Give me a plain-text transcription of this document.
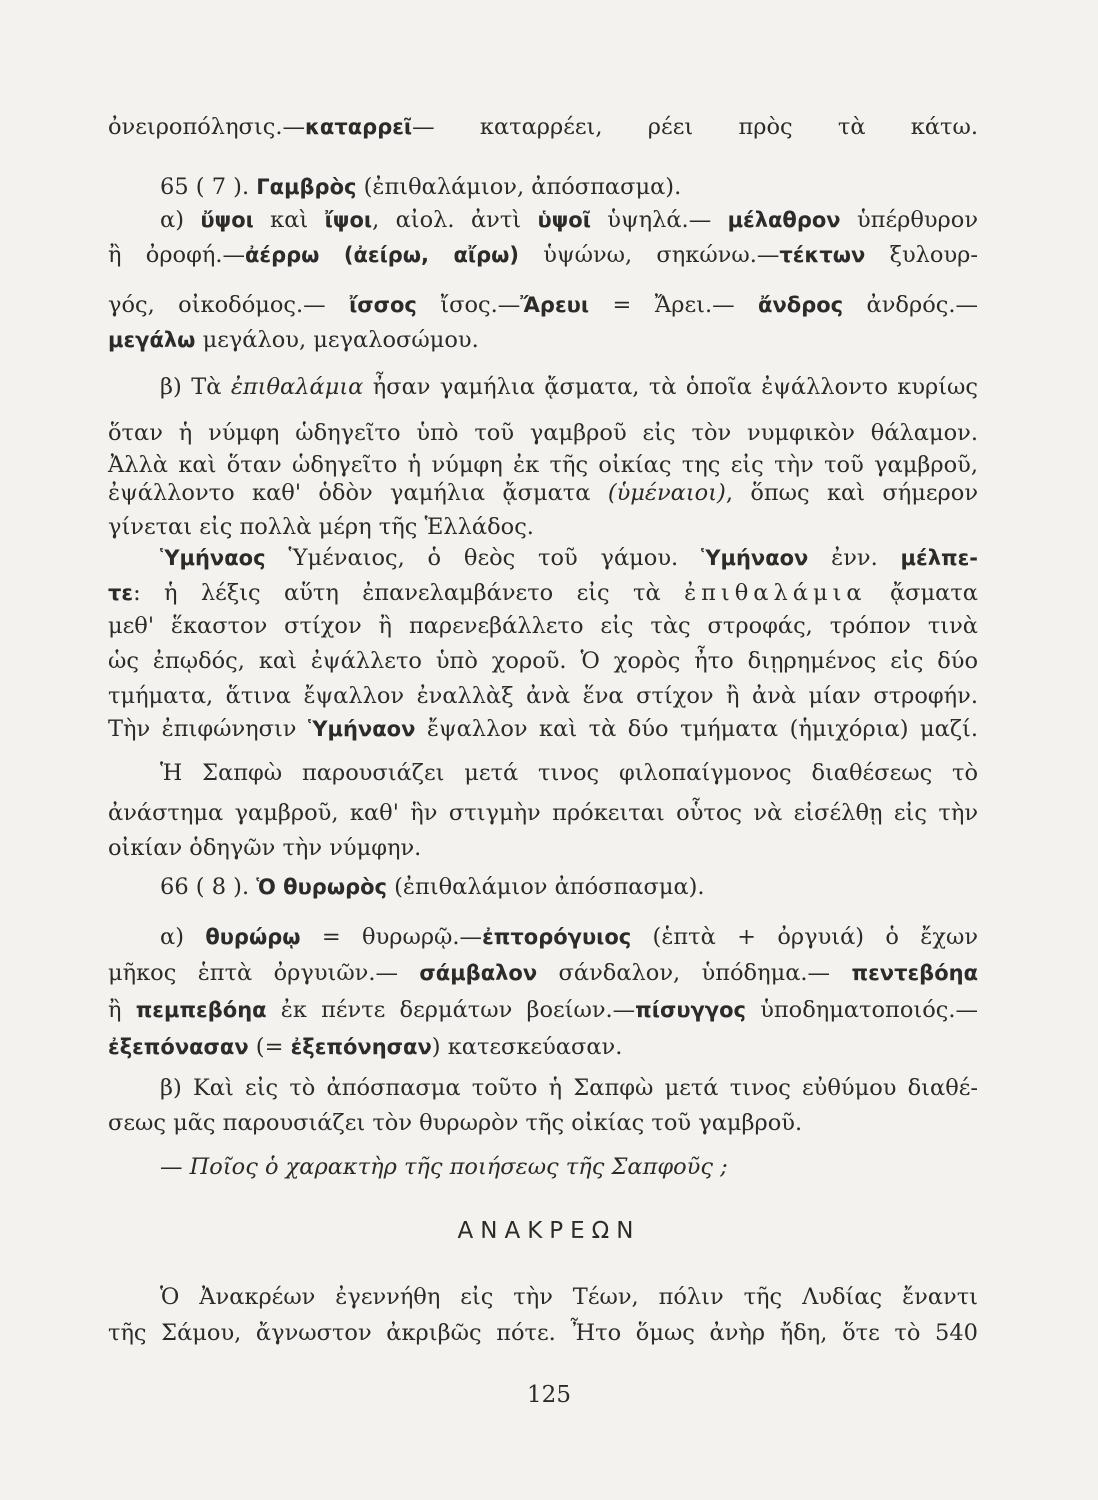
ὀνειροπόλησις.—καταρρεῖ— καταρρέει, ρέει πρὸς τὰ κάτω.
65 ( 7 ). Γαμβρὸς (ἐπιθαλάμιον, ἀπόσπασμα).
α) ὔψοι καὶ ἴψοι, αἰολ. ἀντὶ ὑψοῖ ὑψηλά.— μέλαθρον ὑπέρθυρον
ἢ ὀροφή.—ἀέρρω (ἀείρω, αἴρω) ὑψώνω, σηκώνω.—τέκτων ξυλουρ-
γός, οἰκοδόμος.— ἴσσος ἴσος.—Ἄρευι = Ἄρει.— ἄνδρος ἀνδρός.—
μεγάλω μεγάλου, μεγαλοσώμου.
β) Τὰ ἐπιθαλάμια ἦσαν γαμήλια ᾄσματα, τὰ ὁποῖα ἐψάλλοντο κυρίως
ὅταν ἡ νύμφη ὡδηγεῖτο ὑπὸ τοῦ γαμβροῦ εἰς τὸν νυμφικὸν θάλαμον.
Ἀλλὰ καὶ ὅταν ὡδηγεῖτο ἡ νύμφη ἐκ τῆς οἰκίας της εἰς τὴν τοῦ γαμβροῦ,
ἐψάλλοντο καθ' ὁδὸν γαμήλια ᾄσματα (ὑμέναιοι), ὅπως καὶ σήμερον
γίνεται εἰς πολλὰ μέρη τῆς Ἑλλάδος.
Ὑμήναος Ὑμέναιος, ὁ θεὸς τοῦ γάμου. Ὑμήναον ἐνν. μέλπε-
τε: ἡ λέξις αὕτη ἐπανελαμβάνετο εἰς τὰ ἐπιθαλάμια ᾄσματα
μεθ' ἕκαστον στίχον ἢ παρενεβάλλετο εἰς τὰς στροφάς, τρόπον τινὰ
ὡς ἐπῳδός, καὶ ἐψάλλετο ὑπὸ χοροῦ. Ὁ χορὸς ἦτο διῃρημένος εἰς δύο
τμήματα, ἅτινα ἔψαλλον ἐναλλὰξ ἀνὰ ἕνα στίχον ἢ ἀνὰ μίαν στροφήν.
Τὴν ἐπιφώνησιν Ὑμήναον ἔψαλλον καὶ τὰ δύο τμήματα (ἡμιχόρια) μαζί.
Ἡ Σαπφὼ παρουσιάζει μετά τινος φιλοπαίγμονος διαθέσεως τὸ
ἀνάστημα γαμβροῦ, καθ' ἣν στιγμὴν πρόκειται οὗτος νὰ εἰσέλθῃ εἰς τὴν
οἰκίαν ὁδηγῶν τὴν νύμφην.
66 ( 8 ). Ὁ θυρωρὸς (ἐπιθαλάμιον ἀπόσπασμα).
α) θυρώρῳ = θυρωρῷ.—ἐπτορόγυιος (ἑπτὰ + ὀργυιά) ὁ ἔχων
μῆκος ἑπτὰ ὀργυιῶν.— σάμβαλον σάνδαλον, ὑπόδημα.— πεντεβόηα
ἢ πεμπεβόηα ἐκ πέντε δερμάτων βοείων.—πίσυγγος ὑποδηματοποιός.—
ἐξεπόνασαν (= ἐξεπόνησαν) κατεσκεύασαν.
β) Καὶ εἰς τὸ ἀπόσπασμα τοῦτο ἡ Σαπφὼ μετά τινος εὐθύμου διαθέ-
σεως μᾶς παρουσιάζει τὸν θυρωρὸν τῆς οἰκίας τοῦ γαμβροῦ.
— Ποῖος ὁ χαρακτὴρ τῆς ποιήσεως τῆς Σαπφοῦς ;
ΑΝΑΚΡΕΩΝ
Ὁ Ἀνακρέων ἐγεννήθη εἰς τὴν Τέων, πόλιν τῆς Λυδίας ἔναντι
τῆς Σάμου, ἄγνωστον ἀκριβῶς πότε. Ἦτο ὅμως ἀνὴρ ἤδη, ὅτε τὸ 540
125
